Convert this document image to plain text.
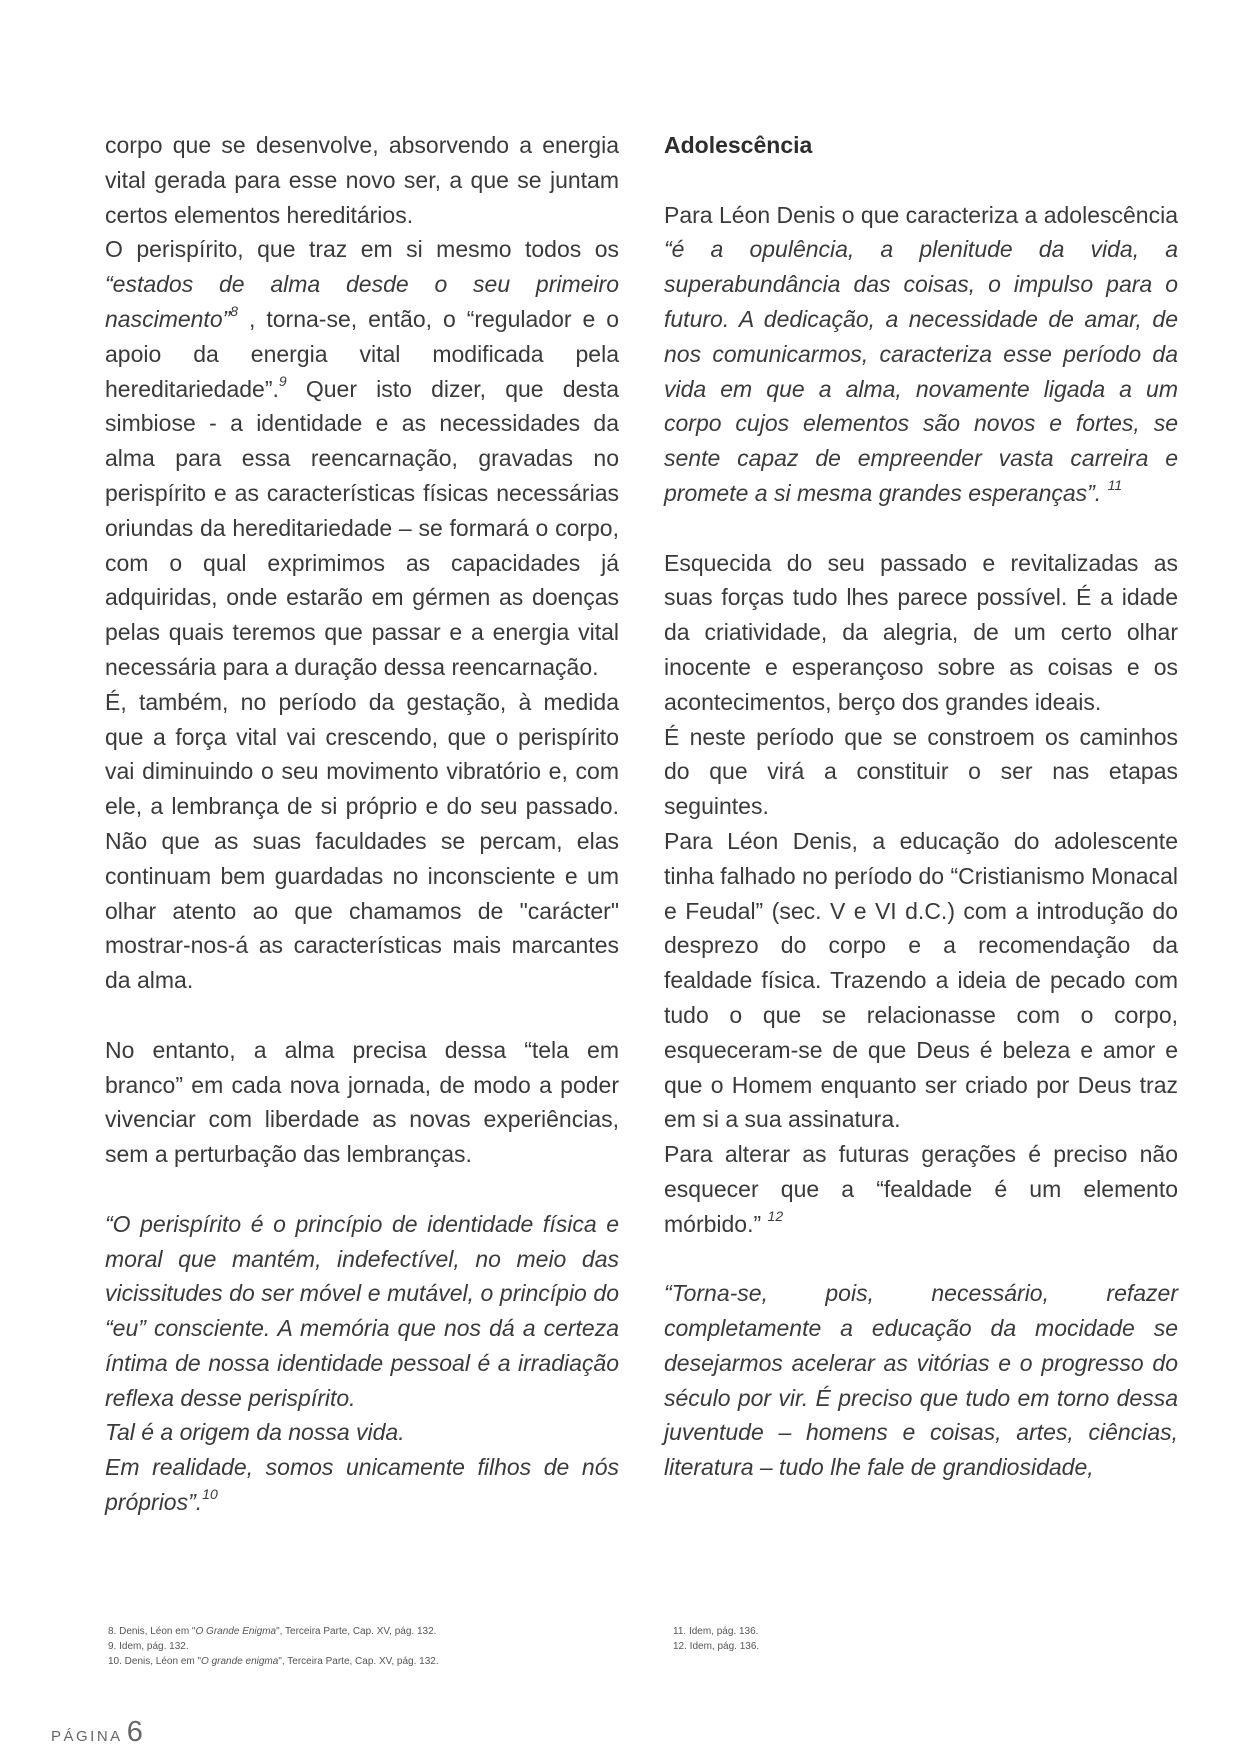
corpo que se desenvolve, absorvendo a energia vital gerada para esse novo ser, a que se juntam certos elementos hereditários.
O perispírito, que traz em si mesmo todos os “estados de alma desde o seu primeiro nascimento”$^8$ , torna-se, então, o “regulador e o apoio da energia vital modificada pela hereditariedade”.$^9$ Quer isto dizer, que desta simbiose - a identidade e as necessidades da alma para essa reencarnação, gravadas no perispírito e as características físicas necessárias oriundas da hereditariedade – se formará o corpo, com o qual exprimimos as capacidades já adquiridas, onde estarão em gérmen as doenças pelas quais teremos que passar e a energia vital necessária para a duração dessa reencarnação.

É, também, no período da gestação, à medida que a força vital vai crescendo, que o perispírito vai diminuindo o seu movimento vibratório e, com ele, a lembrança de si próprio e do seu passado. Não que as suas faculdades se percam, elas continuam bem guardadas no inconsciente e um olhar atento ao que chamamos de "carácter" mostrar-nos-á as características mais marcantes da alma.

No entanto, a alma precisa dessa “tela em branco” em cada nova jornada, de modo a poder vivenciar com liberdade as novas experiências, sem a perturbação das lembranças.

“O perispírito é o princípio de identidade física e moral que mantém, indefectível, no meio das vicissitudes do ser móvel e mutável, o princípio do “eu” consciente. A memória que nos dá a certeza íntima de nossa identidade pessoal é a irradiação reflexa desse perispírito.
Tal é a origem da nossa vida.
Em realidade, somos unicamente filhos de nós próprios”.$^{10}$

Adolescência

Para Léon Denis o que caracteriza a adolescência “é a opulência, a plenitude da vida, a superabundância das coisas, o impulso para o futuro. A dedicação, a necessidade de amar, de nos comunicarmos, caracteriza esse período da vida em que a alma, novamente ligada a um corpo cujos elementos são novos e fortes, se sente capaz de empreender vasta carreira e promete a si mesma grandes esperanças”. $^{11}$

Esquecida do seu passado e revitalizadas as suas forças tudo lhes parece possível. É a idade da criatividade, da alegria, de um certo olhar inocente e esperançoso sobre as coisas e os acontecimentos, berço dos grandes ideais.

É neste período que se constroem os caminhos do que virá a constituir o ser nas etapas seguintes.

Para Léon Denis, a educação do adolescente tinha falhado no período do “Cristianismo Monacal e Feudal” (sec. V e VI d.C.) com a introdução do desprezo do corpo e a recomendação da fealdade física. Trazendo a ideia de pecado com tudo o que se relacionasse com o corpo, esqueceram-se de que Deus é beleza e amor e que o Homem enquanto ser criado por Deus traz em si a sua assinatura.

Para alterar as futuras gerações é preciso não esquecer que a “fealdade é um elemento mórbido.” $^{12}$

“Torna-se, pois, necessário, refazer completamente a educação da mocidade se desejarmos acelerar as vitórias e o progresso do século por vir. É preciso que tudo em torno dessa juventude – homens e coisas, artes, ciências, literatura – tudo lhe fale de grandiosidade,

8. Denis, Léon em "O Grande Enigma", Terceira Parte, Cap. XV, pág. 132.
9. Idem, pág. 132.
10. Denis, Léon em "O grande enigma", Terceira Parte, Cap. XV, pág. 132.
11. Idem, pág. 136.
12. Idem, pág. 136.
PÁGINA 6
